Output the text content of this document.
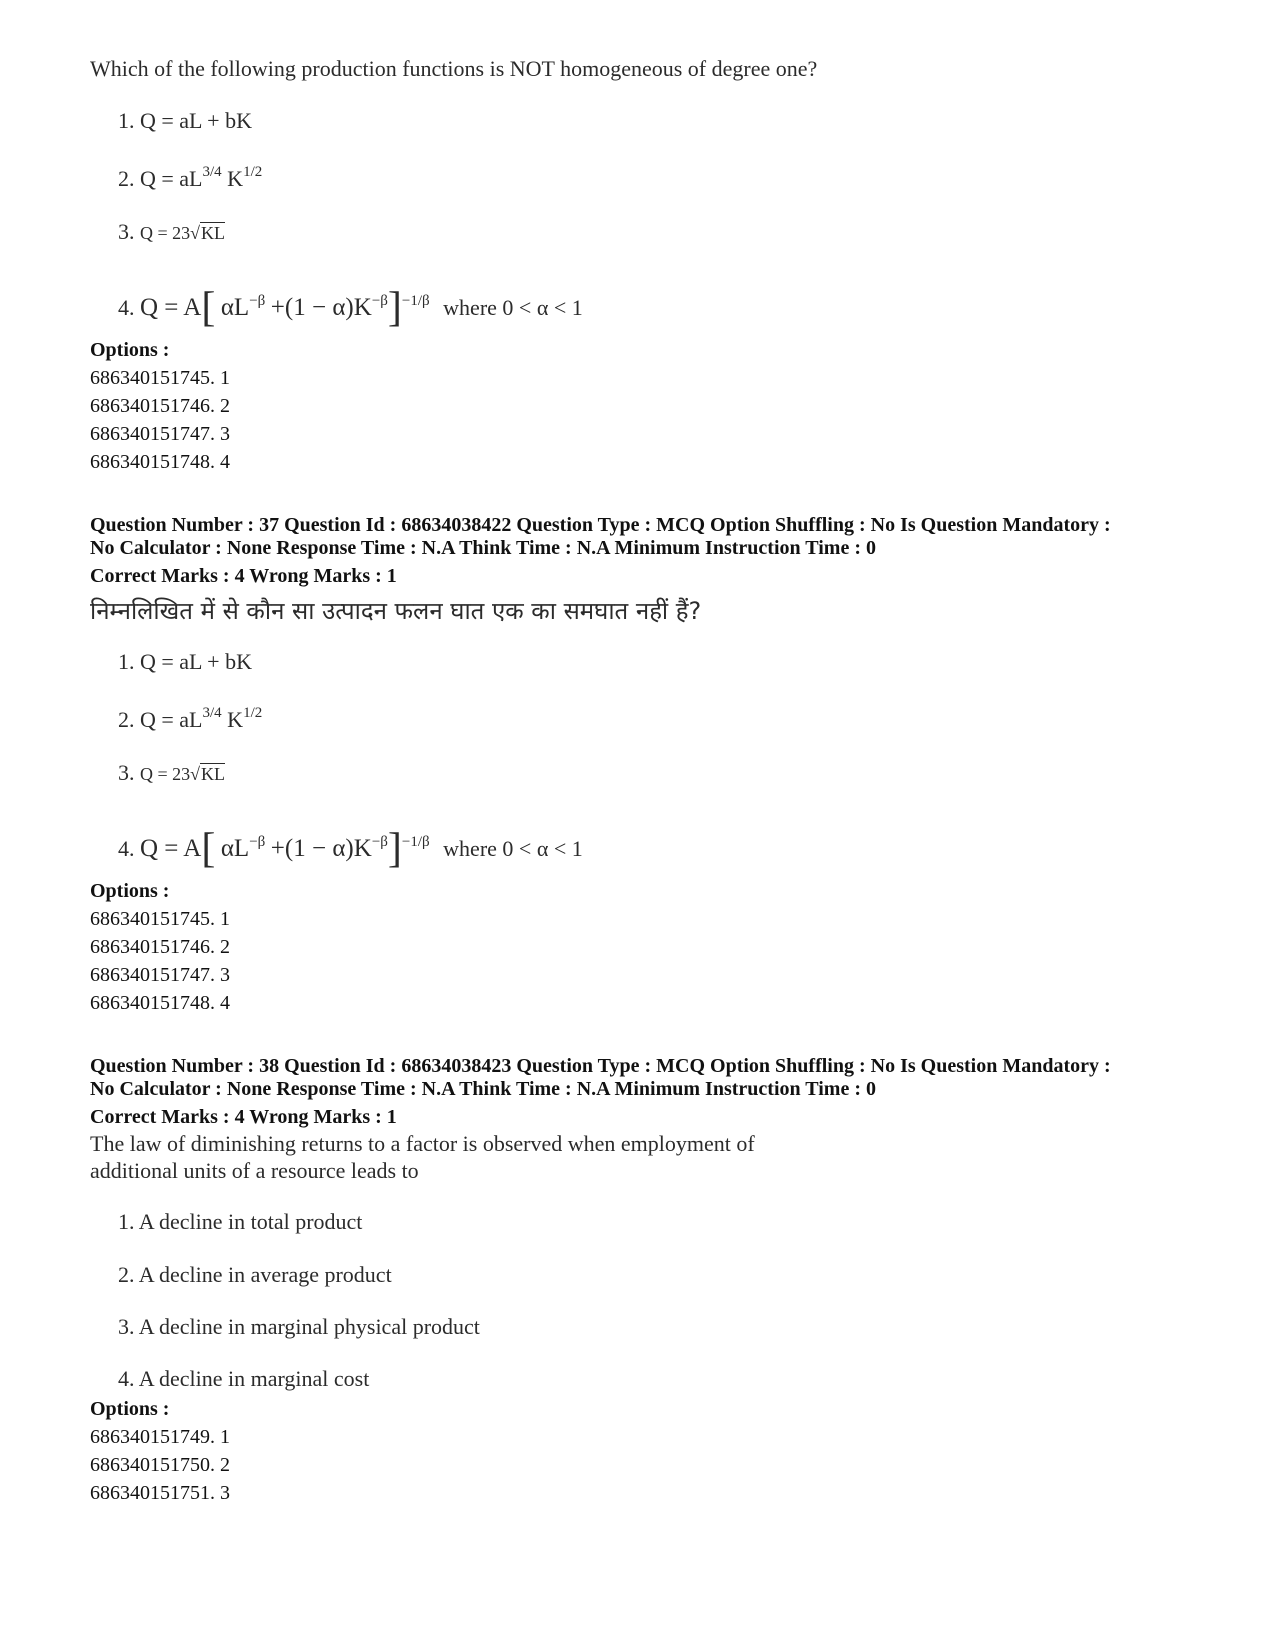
Which of the following production functions is NOT homogeneous of degree one?
1. Q = aL + bK
2. $Q = aL^{3/4}$ $K^{1/2}$
3. Q = 23√KL
4. Q = A[ $\alpha L^{-\beta} +(1 - \alpha)K^{-\beta}]^{-1/\beta}$ where 0 < α < 1
Options :
686340151745. 1
686340151746. 2
686340151747. 3
686340151748. 4
Question Number : 37 Question Id : 68634038422 Question Type : MCQ Option Shuffling : No Is Question Mandatory :
No Calculator : None Response Time : N.A Think Time : N.A Minimum Instruction Time : 0
Correct Marks : 4 Wrong Marks : 1
निम्नलिखित में से कौन सा उत्पादन फलन घात एक का समघात नहीं हैं?
1. Q = aL + bK
2. $Q = aL^{3/4}$ $K^{1/2}$
3. Q = 23√KL
4. Q = A[ $\alpha L^{-\beta} +(1 - \alpha)K^{-\beta}]^{-1/\beta}$ where 0 < α < 1
Options :
686340151745. 1
686340151746. 2
686340151747. 3
686340151748. 4
Question Number : 38 Question Id : 68634038423 Question Type : MCQ Option Shuffling : No Is Question Mandatory :
No Calculator : None Response Time : N.A Think Time : N.A Minimum Instruction Time : 0
Correct Marks : 4 Wrong Marks : 1
The law of diminishing returns to a factor is observed when employment of
additional units of a resource leads to
1. A decline in total product
2. A decline in average product
3. A decline in marginal physical product
4. A decline in marginal cost
Options :
686340151749. 1
686340151750. 2
686340151751. 3
